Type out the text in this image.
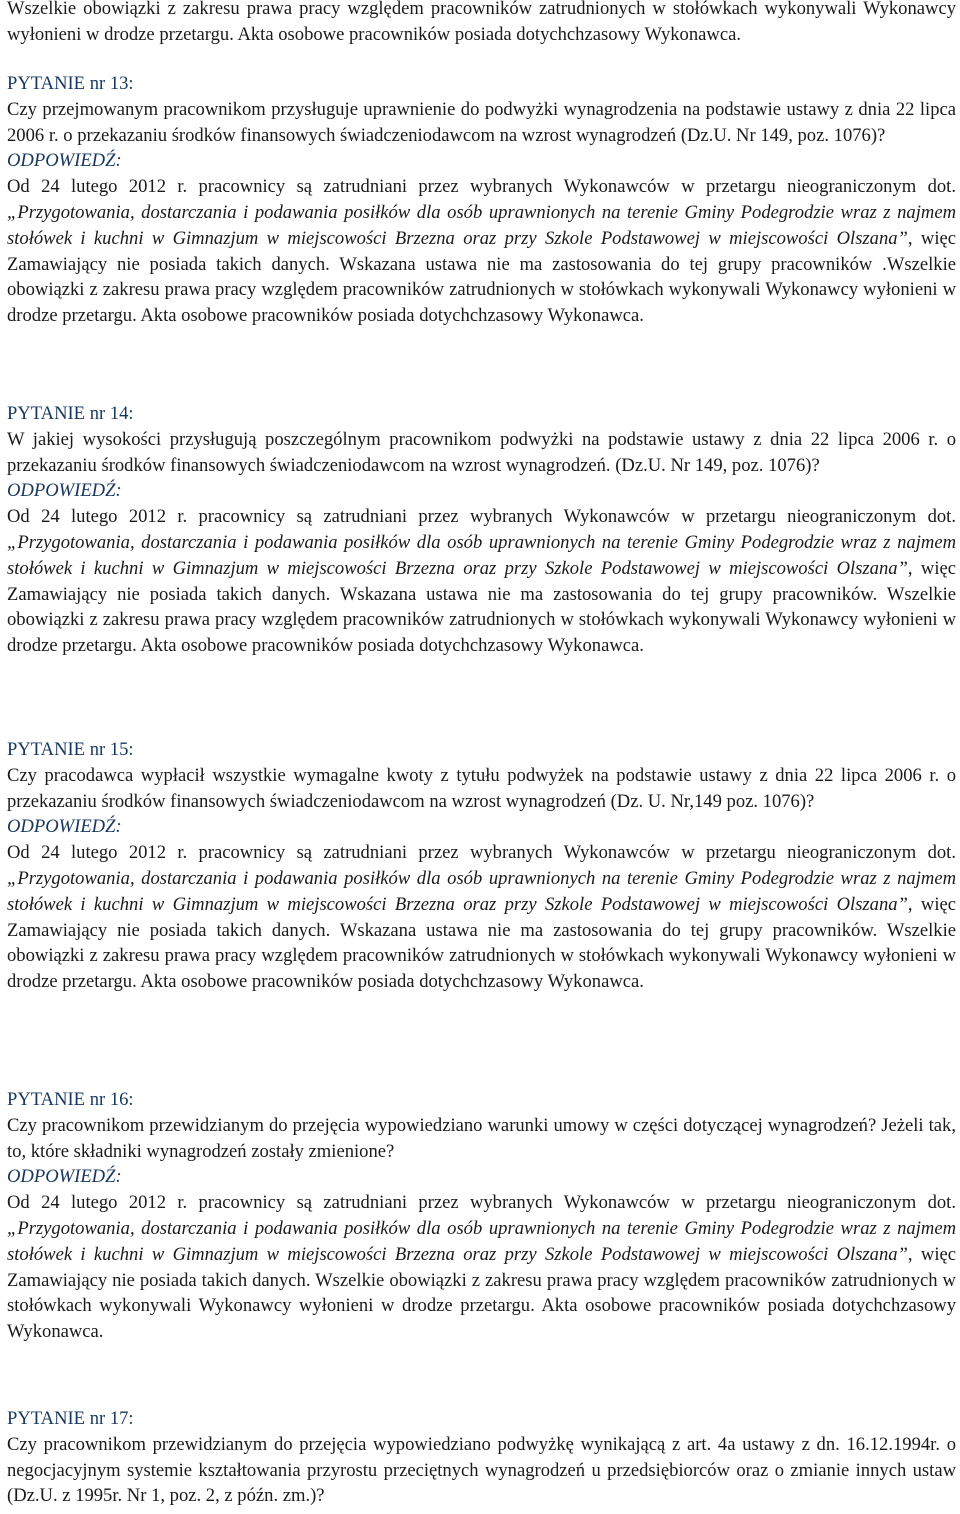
Wszelkie obowiązki z zakresu prawa pracy względem pracowników zatrudnionych w stołówkach wykonywali Wykonawcy wyłonieni w drodze przetargu. Akta osobowe pracowników posiada dotychchzasowy Wykonawca.

PYTANIE nr 13:

Czy przejmowanym pracownikom przysługuje uprawnienie do podwyżki wynagrodzenia na podstawie ustawy z dnia 22 lipca 2006 r. o przekazaniu środków finansowych świadczeniodawcom na wzrost wynagrodzeń (Dz.U. Nr 149, poz. 1076)?

ODPOWIEDŹ:

Od 24 lutego 2012 r. pracownicy są zatrudniani przez wybranych Wykonawców w przetargu nieograniczonym dot. „Przygotowania, dostarczania i podawania posiłków dla osób uprawnionych na terenie Gminy Podegrodzie wraz z najmem stołówek i kuchni w Gimnazjum w miejscowości Brzezna oraz przy Szkole Podstawowej w miejscowości Olszana”, więc Zamawiający nie posiada takich danych. Wskazana ustawa nie ma zastosowania do tej grupy pracowników .Wszelkie obowiązki z zakresu prawa pracy względem pracowników zatrudnionych w stołówkach wykonywali Wykonawcy wyłonieni w drodze przetargu. Akta osobowe pracowników posiada dotychchzasowy Wykonawca.

PYTANIE nr 14:

W jakiej wysokości przysługują poszczególnym pracownikom podwyżki na podstawie ustawy z dnia 22 lipca 2006 r. o przekazaniu środków finansowych świadczeniodawcom na wzrost wynagrodzeń. (Dz.U. Nr 149, poz. 1076)?

ODPOWIEDŹ:

Od 24 lutego 2012 r. pracownicy są zatrudniani przez wybranych Wykonawców w przetargu nieograniczonym dot. „Przygotowania, dostarczania i podawania posiłków dla osób uprawnionych na terenie Gminy Podegrodzie wraz z najmem stołówek i kuchni w Gimnazjum w miejscowości Brzezna oraz przy Szkole Podstawowej w miejscowości Olszana”, więc Zamawiający nie posiada takich danych. Wskazana ustawa nie ma zastosowania do tej grupy pracowników. Wszelkie obowiązki z zakresu prawa pracy względem pracowników zatrudnionych w stołówkach wykonywali Wykonawcy wyłonieni w drodze przetargu. Akta osobowe pracowników posiada dotychchzasowy Wykonawca.

PYTANIE nr 15:

Czy pracodawca wypłacił wszystkie wymagalne kwoty z tytułu podwyżek na podstawie ustawy z dnia 22 lipca 2006 r. o przekazaniu środków finansowych świadczeniodawcom na wzrost wynagrodzeń (Dz. U. Nr,149 poz. 1076)?

ODPOWIEDŹ:

Od 24 lutego 2012 r. pracownicy są zatrudniani przez wybranych Wykonawców w przetargu nieograniczonym dot. „Przygotowania, dostarczania i podawania posiłków dla osób uprawnionych na terenie Gminy Podegrodzie wraz z najmem stołówek i kuchni w Gimnazjum w miejscowości Brzezna oraz przy Szkole Podstawowej w miejscowości Olszana”, więc Zamawiający nie posiada takich danych. Wskazana ustawa nie ma zastosowania do tej grupy pracowników. Wszelkie obowiązki z zakresu prawa pracy względem pracowników zatrudnionych w stołówkach wykonywali Wykonawcy wyłonieni w drodze przetargu. Akta osobowe pracowników posiada dotychchzasowy Wykonawca.

PYTANIE nr 16:

Czy pracownikom przewidzianym do przejęcia wypowiedziano warunki umowy w części dotyczącej wynagrodzeń? Jeżeli tak, to, które składniki wynagrodzeń zostały zmienione?

ODPOWIEDŹ:

Od 24 lutego 2012 r. pracownicy są zatrudniani przez wybranych Wykonawców w przetargu nieograniczonym dot. „Przygotowania, dostarczania i podawania posiłków dla osób uprawnionych na terenie Gminy Podegrodzie wraz z najmem stołówek i kuchni w Gimnazjum w miejscowości Brzezna oraz przy Szkole Podstawowej w miejscowości Olszana”, więc Zamawiający nie posiada takich danych. Wszelkie obowiązki z zakresu prawa pracy względem pracowników zatrudnionych w stołówkach wykonywali Wykonawcy wyłonieni w drodze przetargu. Akta osobowe pracowników posiada dotychchzasowy Wykonawca.

PYTANIE nr 17:

Czy pracownikom przewidzianym do przejęcia wypowiedziano podwyżkę wynikającą z art. 4a ustawy z dn. 16.12.1994r. o negocjacyjnym systemie kształtowania przyrostu przeciętnych wynagrodzeń u przedsiębiorców oraz o zmianie innych ustaw (Dz.U. z 1995r. Nr 1, poz. 2, z późn. zm.)?
